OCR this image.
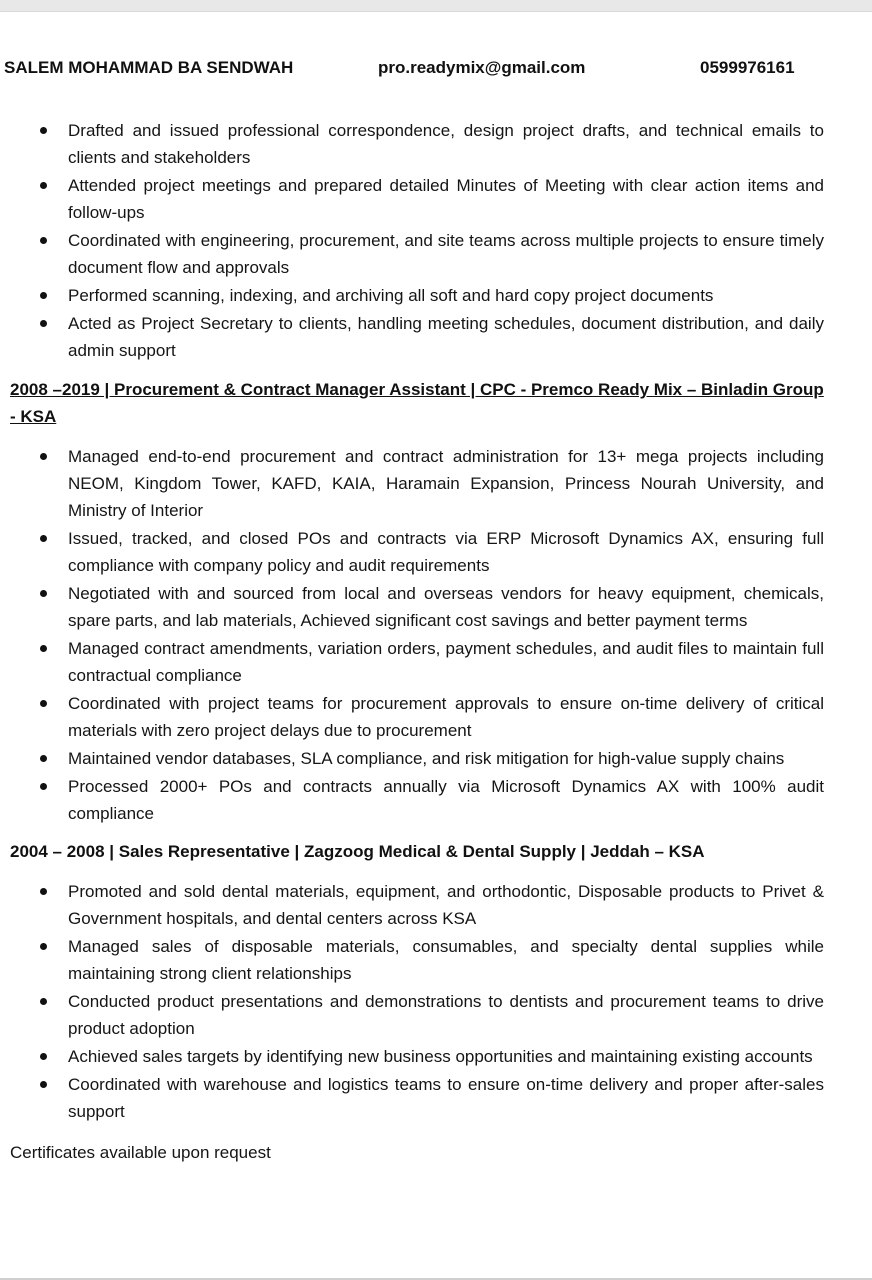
SALEM MOHAMMAD BA SENDWAH	pro.readymix@gmail.com	0599976161
Drafted and issued professional correspondence, design project drafts, and technical emails to clients and stakeholders
Attended project meetings and prepared detailed Minutes of Meeting with clear action items and follow-ups
Coordinated with engineering, procurement, and site teams across multiple projects to ensure timely document flow and approvals
Performed scanning, indexing, and archiving all soft and hard copy project documents
Acted as Project Secretary to clients, handling meeting schedules, document distribution, and daily admin support
2008 –2019 | Procurement & Contract Manager Assistant | CPC - Premco Ready Mix – Binladin Group - KSA
Managed end-to-end procurement and contract administration for 13+ mega projects including NEOM, Kingdom Tower, KAFD, KAIA, Haramain Expansion, Princess Nourah University, and Ministry of Interior
Issued, tracked, and closed POs and contracts via ERP Microsoft Dynamics AX, ensuring full compliance with company policy and audit requirements
Negotiated with and sourced from local and overseas vendors for heavy equipment, chemicals, spare parts, and lab materials, Achieved significant cost savings and better payment terms
Managed contract amendments, variation orders, payment schedules, and audit files to maintain full contractual compliance
Coordinated with project teams for procurement approvals to ensure on-time delivery of critical materials with zero project delays due to procurement
Maintained vendor databases, SLA compliance, and risk mitigation for high-value supply chains
Processed 2000+ POs and contracts annually via Microsoft Dynamics AX with 100% audit compliance
2004 – 2008 | Sales Representative | Zagzoog Medical & Dental Supply | Jeddah – KSA
Promoted and sold dental materials, equipment, and orthodontic, Disposable products to Privet & Government hospitals, and dental centers across KSA
Managed sales of disposable materials, consumables, and specialty dental supplies while maintaining strong client relationships
Conducted product presentations and demonstrations to dentists and procurement teams to drive product adoption
Achieved sales targets by identifying new business opportunities and maintaining existing accounts
Coordinated with warehouse and logistics teams to ensure on-time delivery and proper after-sales support
Certificates available upon request
